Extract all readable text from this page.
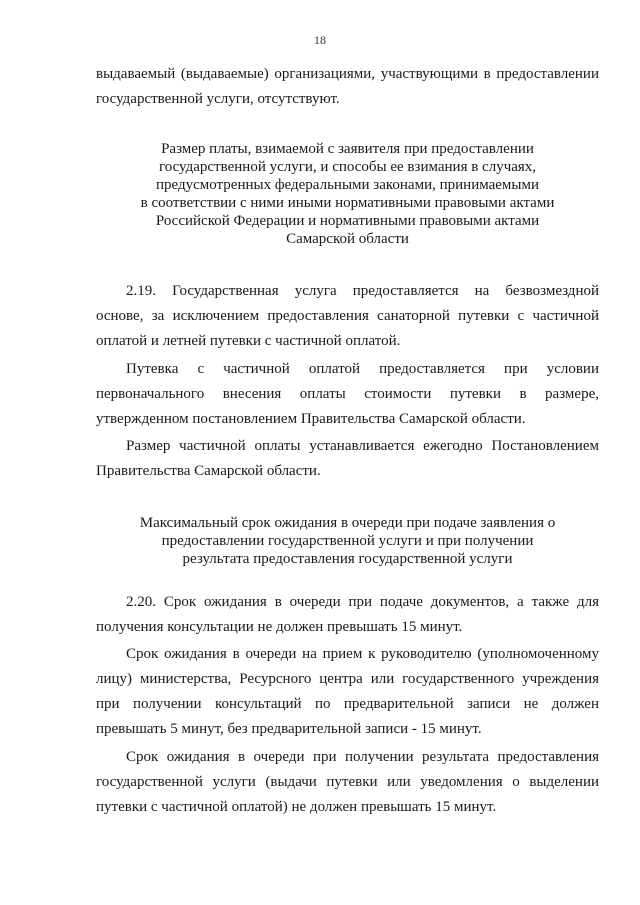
18

выдаваемый (выдаваемые) организациями, участвующими в предоставлении

государственной услуги, отсутствуют.

Размер платы, взимаемой с заявителя при предоставлении

государственной услуги, и способы ее взимания в случаях,

предусмотренных федеральными законами, принимаемыми

в соответствии с ними иными нормативными правовыми актами

Российской Федерации и нормативными правовыми актами

Самарской области

2.19. Государственная услуга предоставляется на безвозмездной

основе, за исключением предоставления санаторной путевки с частичной

оплатой и летней путевки с частичной оплатой.

Путевка с частичной оплатой предоставляется при условии

первоначального внесения оплаты стоимости путевки в размере,

утвержденном постановлением Правительства Самарской области.

Размер частичной оплаты устанавливается ежегодно Постановлением

Правительства Самарской области.

Максимальный срок ожидания в очереди при подаче заявления о

предоставлении государственной услуги и при получении

результата предоставления государственной услуги

2.20. Срок ожидания в очереди при подаче документов, а также для

получения консультации не должен превышать 15 минут.

Срок ожидания в очереди на прием к руководителю (уполномоченному

лицу) министерства, Ресурсного центра или государственного учреждения

при получении консультаций по предварительной записи не должен

превышать 5 минут, без предварительной записи - 15 минут.

Срок ожидания в очереди при получении результата предоставления

государственной услуги (выдачи путевки или уведомления о выделении

путевки с частичной оплатой) не должен превышать 15 минут.
